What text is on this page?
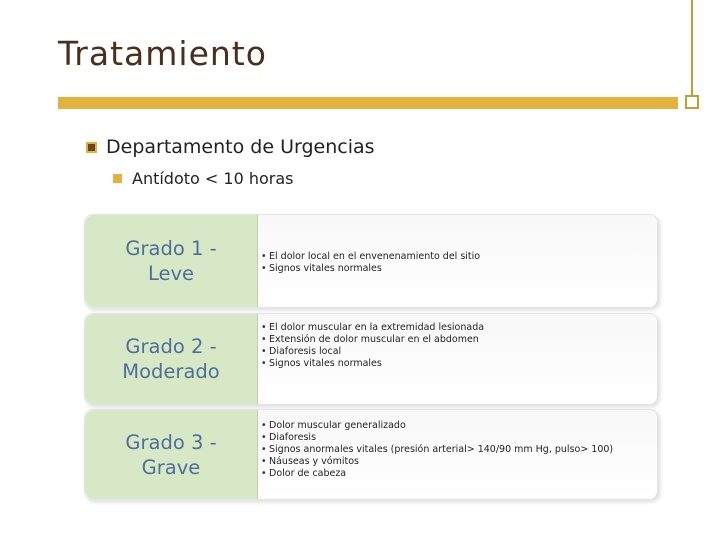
Tratamiento
Departamento de Urgencias
Antídoto < 10 horas
Grado 1 -
Leve
• El dolor local en el envenenamiento del sitio
• Signos vitales normales
Grado 2 -
Moderado
• El dolor muscular en la extremidad lesionada
• Extensión de dolor muscular en el abdomen
• Diaforesis local
• Signos vitales normales
Grado 3 -
Grave
• Dolor muscular generalizado
• Diaforesis
• Signos anormales vitales (presión arterial> 140/90 mm Hg, pulso> 100)
• Náuseas y vómitos
• Dolor de cabeza
